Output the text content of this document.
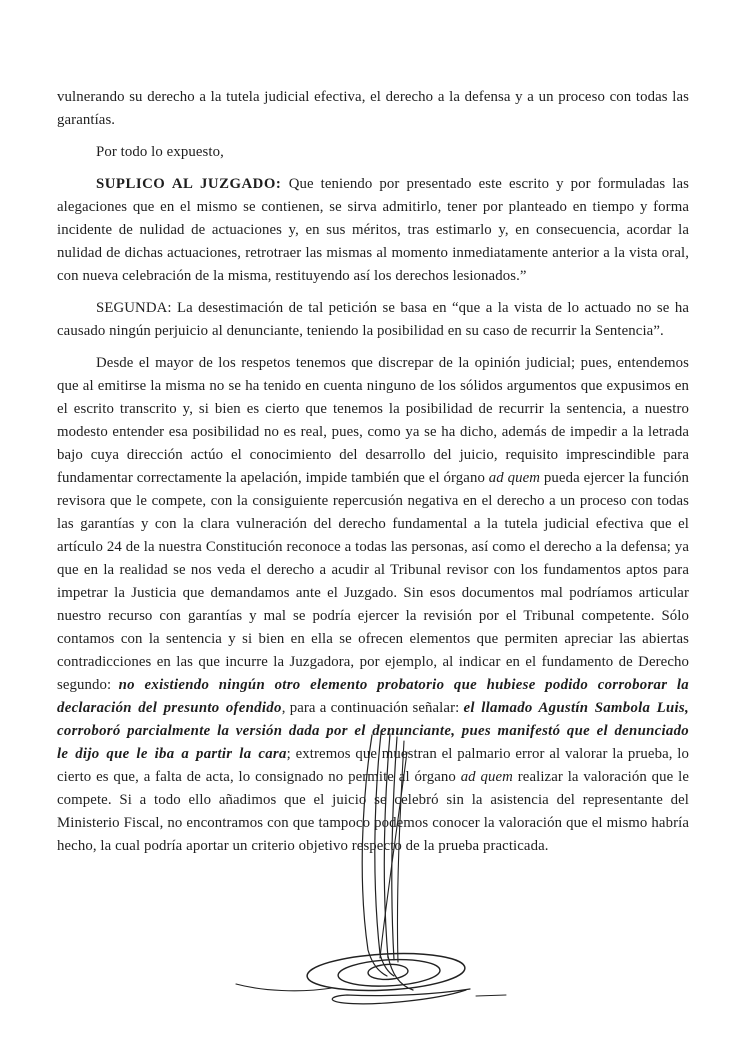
vulnerando su derecho a la tutela judicial efectiva, el derecho a la defensa y a un proceso con todas las garantías.

Por todo lo expuesto,

SUPLICO AL JUZGADO: Que teniendo por presentado este escrito y por formuladas las alegaciones que en el mismo se contienen, se sirva admitirlo, tener por planteado en tiempo y forma incidente de nulidad de actuaciones y, en sus méritos, tras estimarlo y, en consecuencia, acordar la nulidad de dichas actuaciones, retrotraer las mismas al momento inmediatamente anterior a la vista oral, con nueva celebración de la misma, restituyendo así los derechos lesionados.”

SEGUNDA: La desestimación de tal petición se basa en “que a la vista de lo actuado no se ha causado ningún perjuicio al denunciante, teniendo la posibilidad en su caso de recurrir la Sentencia”.

Desde el mayor de los respetos tenemos que discrepar de la opinión judicial; pues, entendemos que al emitirse la misma no se ha tenido en cuenta ninguno de los sólidos argumentos que expusimos en el escrito transcrito y, si bien es cierto que tenemos la posibilidad de recurrir la sentencia, a nuestro modesto entender esa posibilidad no es real, pues, como ya se ha dicho, además de impedir a la letrada bajo cuya dirección actúo el conocimiento del desarrollo del juicio, requisito imprescindible para fundamentar correctamente la apelación, impide también que el órgano ad quem pueda ejercer la función revisora que le compete, con la consiguiente repercusión negativa en el derecho a un proceso con todas las garantías y con la clara vulneración del derecho fundamental a la tutela judicial efectiva que el artículo 24 de la nuestra Constitución reconoce a todas las personas, así como el derecho a la defensa; ya que en la realidad se nos veda el derecho a acudir al Tribunal revisor con los fundamentos aptos para impetrar la Justicia que demandamos ante el Juzgado. Sin esos documentos mal podríamos articular nuestro recurso con garantías y mal se podría ejercer la revisión por el Tribunal competente. Sólo contamos con la sentencia y si bien en ella se ofrecen elementos que permiten apreciar las abiertas contradicciones en las que incurre la Juzgadora, por ejemplo, al indicar en el fundamento de Derecho segundo: no existiendo ningún otro elemento probatorio que hubiese podido corroborar la declaración del presunto ofendido, para a continuación señalar: el llamado Agustín Sambola Luis, corroboró parcialmente la versión dada por el denunciante, pues manifestó que el denunciado le dijo que le iba a partir la cara; extremos que muestran el palmario error al valorar la prueba, lo cierto es que, a falta de acta, lo consignado no permite al órgano ad quem realizar la valoración que le compete. Si a todo ello añadimos que el juicio se celebró sin la asistencia del representante del Ministerio Fiscal, no encontramos con que tampoco podemos conocer la valoración que el mismo habría hecho, la cual podría aportar un criterio objetivo respecto de la prueba practicada.
